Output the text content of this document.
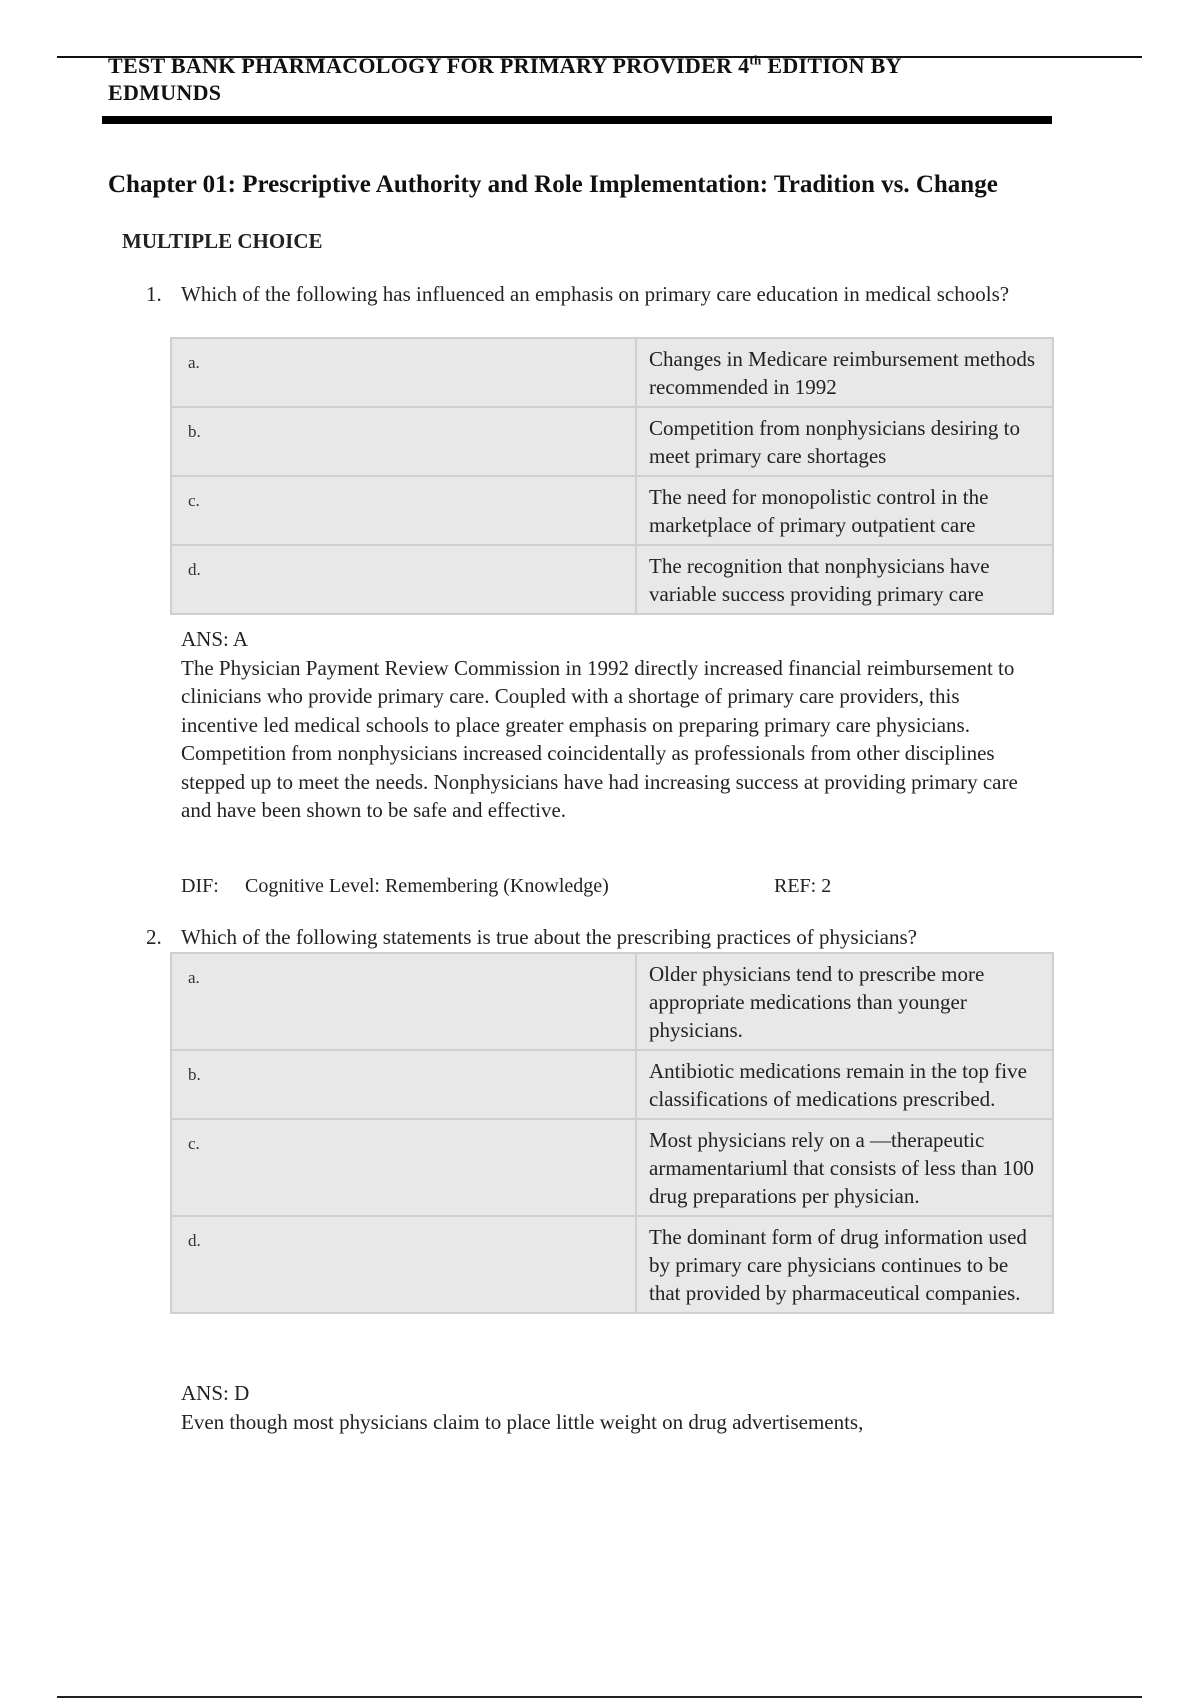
TEST BANK PHARMACOLOGY FOR PRIMARY PROVIDER 4th EDITION BY
EDMUNDS
Chapter 01: Prescriptive Authority and Role Implementation: Tradition vs. Change
MULTIPLE CHOICE
1. Which of the following has influenced an emphasis on primary care education in medical schools?
a.	Changes in Medicare reimbursement methods recommended in 1992
b.	Competition from nonphysicians desiring to meet primary care shortages
c.	The need for monopolistic control in the marketplace of primary outpatient care
d.	The recognition that nonphysicians have variable success providing primary care
ANS: A
The Physician Payment Review Commission in 1992 directly increased financial reimbursement to clinicians who provide primary care. Coupled with a shortage of primary care providers, this incentive led medical schools to place greater emphasis on preparing primary care physicians. Competition from nonphysicians increased coincidentally as professionals from other disciplines stepped up to meet the needs. Nonphysicians have had increasing success at providing primary care and have been shown to be safe and effective.
DIF: Cognitive Level: Remembering (Knowledge)	REF: 2
2. Which of the following statements is true about the prescribing practices of physicians?
a.	Older physicians tend to prescribe more appropriate medications than younger physicians.
b.	Antibiotic medications remain in the top five classifications of medications prescribed.
c.	Most physicians rely on a —therapeutic armamentariuml that consists of less than 100 drug preparations per physician.
d.	The dominant form of drug information used by primary care physicians continues to be that provided by pharmaceutical companies.
ANS: D
Even though most physicians claim to place little weight on drug advertisements,
